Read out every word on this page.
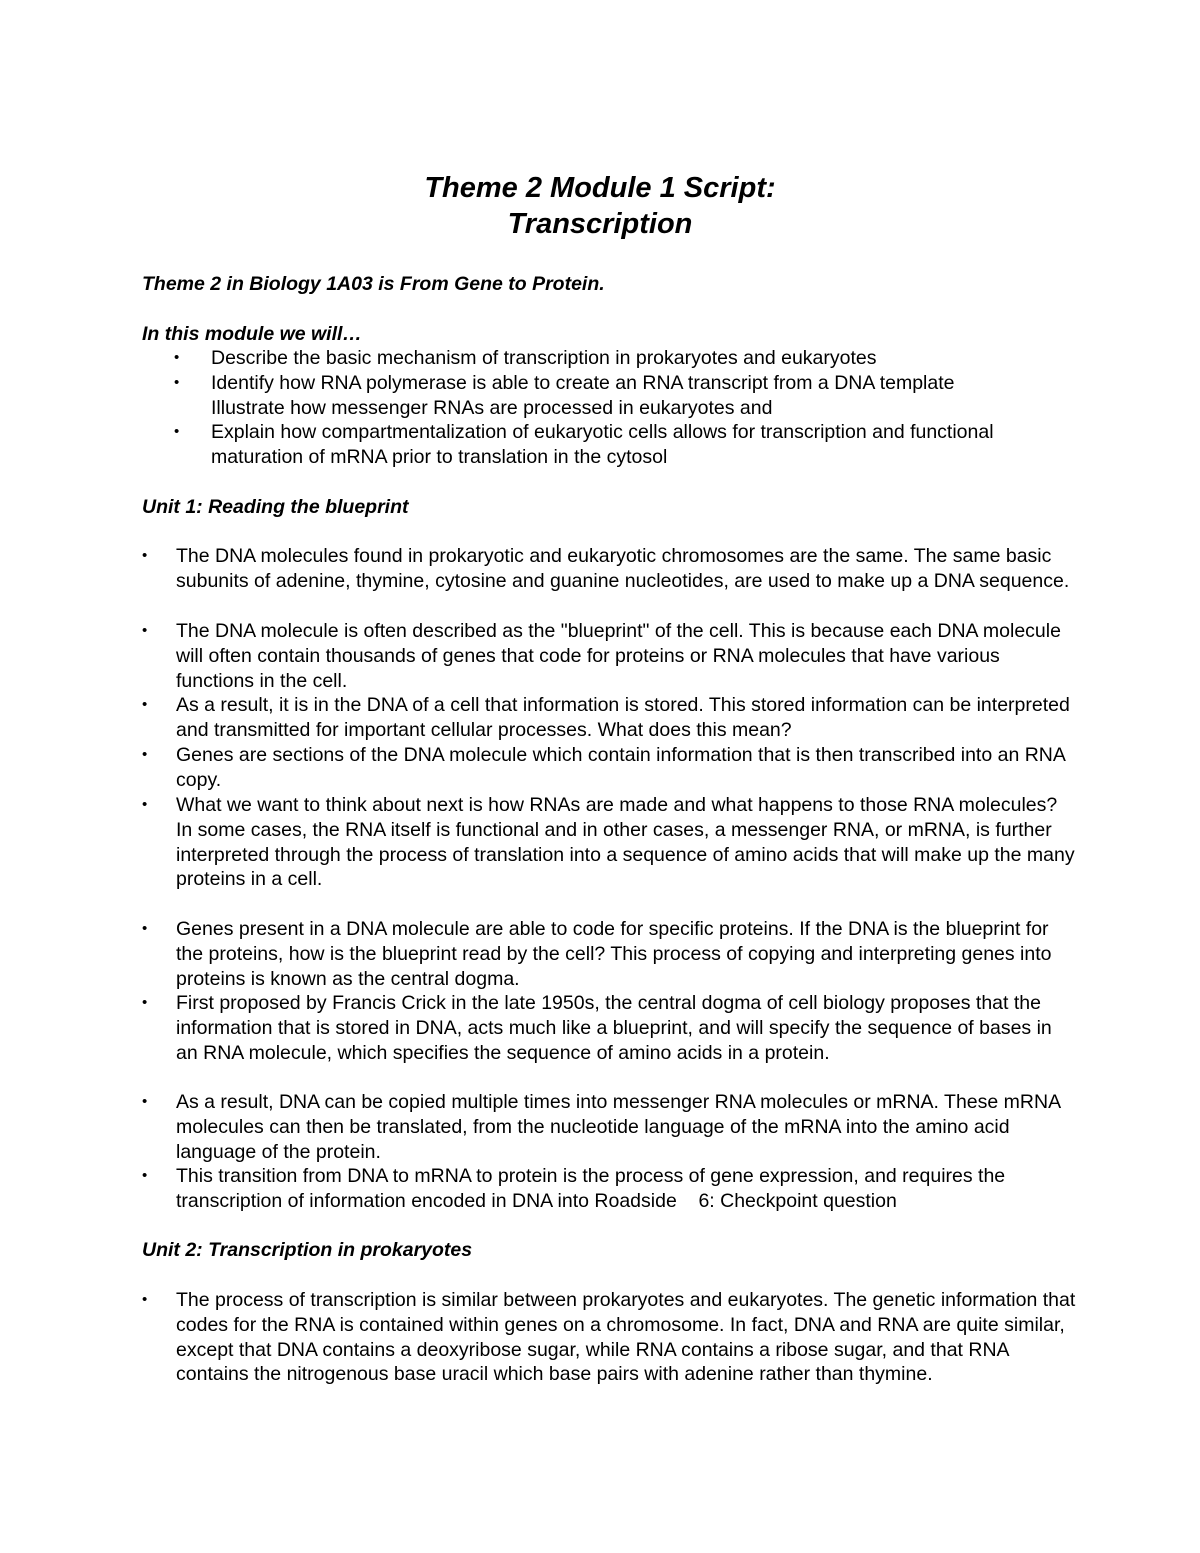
Theme 2 Module 1 Script:
Transcription
Theme 2 in Biology 1A03 is From Gene to Protein.
In this module we will…
• Describe the basic mechanism of transcription in prokaryotes and eukaryotes
• Identify how RNA polymerase is able to create an RNA transcript from a DNA template
Illustrate how messenger RNAs are processed in eukaryotes and
• Explain how compartmentalization of eukaryotic cells allows for transcription and functional maturation of mRNA prior to translation in the cytosol
Unit 1: Reading the blueprint
• The DNA molecules found in prokaryotic and eukaryotic chromosomes are the same. The same basic subunits of adenine, thymine, cytosine and guanine nucleotides, are used to make up a DNA sequence.
• The DNA molecule is often described as the "blueprint" of the cell. This is because each DNA molecule will often contain thousands of genes that code for proteins or RNA molecules that have various functions in the cell.
• As a result, it is in the DNA of a cell that information is stored. This stored information can be interpreted and transmitted for important cellular processes. What does this mean?
• Genes are sections of the DNA molecule which contain information that is then transcribed into an RNA copy.
• What we want to think about next is how RNAs are made and what happens to those RNA molecules? In some cases, the RNA itself is functional and in other cases, a messenger RNA, or mRNA, is further interpreted through the process of translation into a sequence of amino acids that will make up the many proteins in a cell.
• Genes present in a DNA molecule are able to code for specific proteins. If the DNA is the blueprint for the proteins, how is the blueprint read by the cell? This process of copying and interpreting genes into proteins is known as the central dogma.
• First proposed by Francis Crick in the late 1950s, the central dogma of cell biology proposes that the information that is stored in DNA, acts much like a blueprint, and will specify the sequence of bases in an RNA molecule, which specifies the sequence of amino acids in a protein.
• As a result, DNA can be copied multiple times into messenger RNA molecules or mRNA. These mRNA molecules can then be translated, from the nucleotide language of the mRNA into the amino acid language of the protein.
• This transition from DNA to mRNA to protein is the process of gene expression, and requires the transcription of information encoded in DNA into Roadside    6: Checkpoint question
Unit 2: Transcription in prokaryotes
• The process of transcription is similar between prokaryotes and eukaryotes. The genetic information that codes for the RNA is contained within genes on a chromosome. In fact, DNA and RNA are quite similar, except that DNA contains a deoxyribose sugar, while RNA contains a ribose sugar, and that RNA contains the nitrogenous base uracil which base pairs with adenine rather than thymine.
